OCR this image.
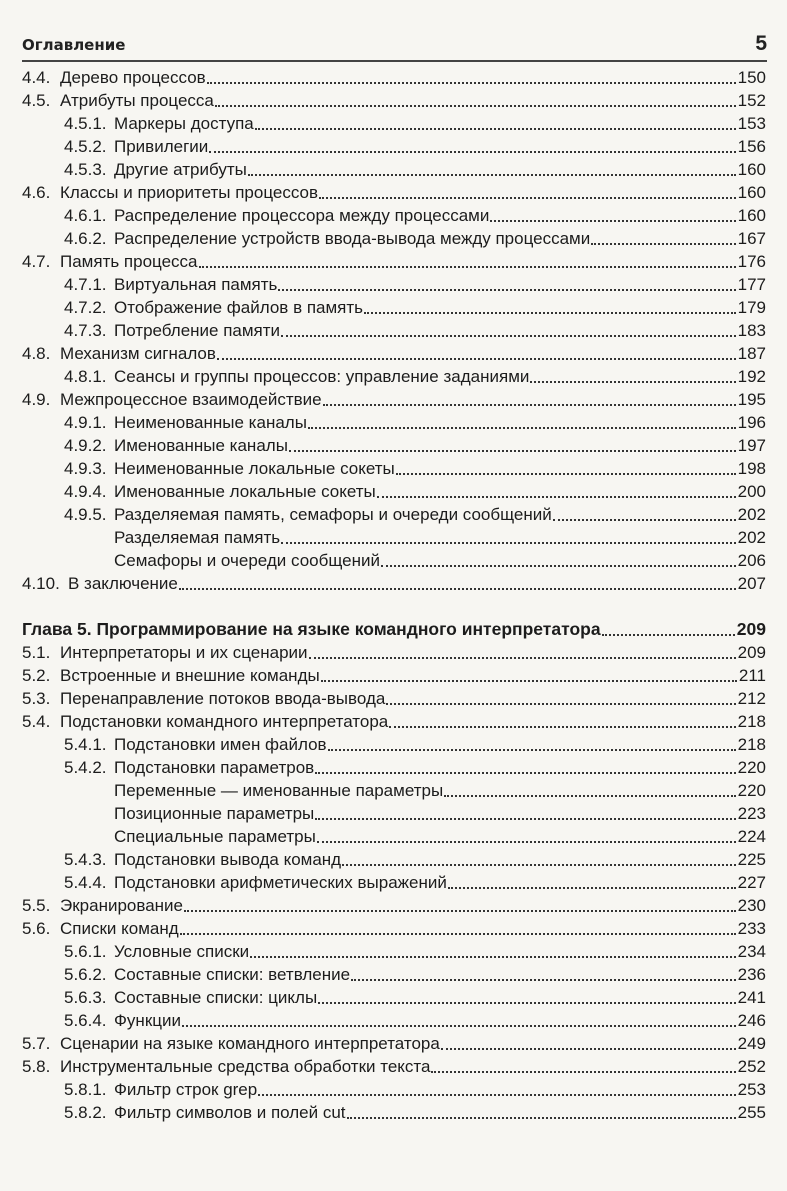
Оглавление	5
4.4. Дерево процессов	150
4.5. Атрибуты процесса	152
4.5.1. Маркеры доступа	153
4.5.2. Привилегии	156
4.5.3. Другие атрибуты	160
4.6. Классы и приоритеты процессов	160
4.6.1. Распределение процессора между процессами	160
4.6.2. Распределение устройств ввода-вывода между процессами	167
4.7. Память процесса	176
4.7.1. Виртуальная память	177
4.7.2. Отображение файлов в память	179
4.7.3. Потребление памяти	183
4.8. Механизм сигналов	187
4.8.1. Сеансы и группы процессов: управление заданиями	192
4.9. Межпроцессное взаимодействие	195
4.9.1. Неименованные каналы	196
4.9.2. Именованные каналы	197
4.9.3. Неименованные локальные сокеты	198
4.9.4. Именованные локальные сокеты	200
4.9.5. Разделяемая память, семафоры и очереди сообщений	202
Разделяемая память	202
Семафоры и очереди сообщений	206
4.10. В заключение	207
Глава 5. Программирование на языке командного интерпретатора	209
5.1. Интерпретаторы и их сценарии	209
5.2. Встроенные и внешние команды	211
5.3. Перенаправление потоков ввода-вывода	212
5.4. Подстановки командного интерпретатора	218
5.4.1. Подстановки имен файлов	218
5.4.2. Подстановки параметров	220
Переменные — именованные параметры	220
Позиционные параметры	223
Специальные параметры	224
5.4.3. Подстановки вывода команд	225
5.4.4. Подстановки арифметических выражений	227
5.5. Экранирование	230
5.6. Списки команд	233
5.6.1. Условные списки	234
5.6.2. Составные списки: ветвление	236
5.6.3. Составные списки: циклы	241
5.6.4. Функции	246
5.7. Сценарии на языке командного интерпретатора	249
5.8. Инструментальные средства обработки текста	252
5.8.1. Фильтр строк grep	253
5.8.2. Фильтр символов и полей cut	255
